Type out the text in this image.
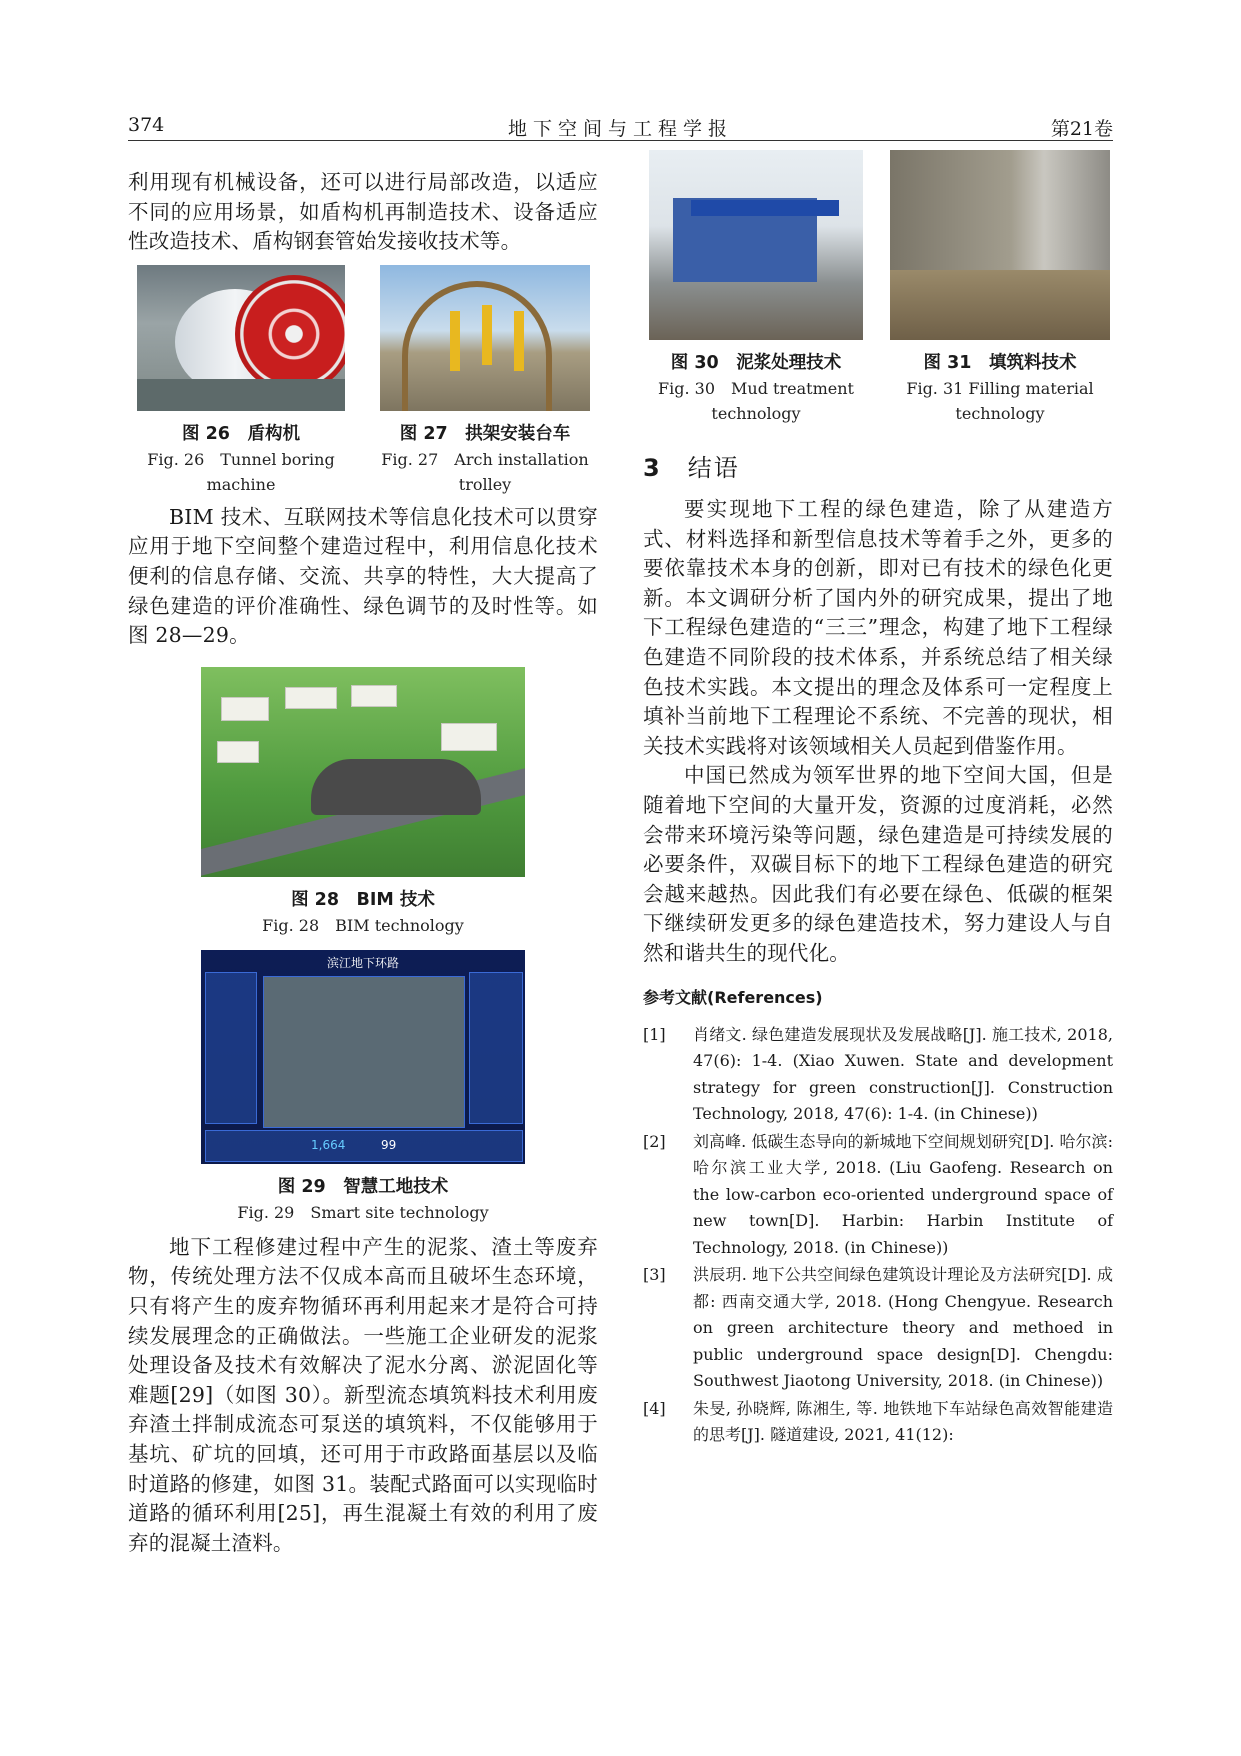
374	地下空间与工程学报	第21卷

利用现有机械设备，还可以进行局部改造，以适应不同的应用场景，如盾构机再制造技术、设备适应性改造技术、盾构钢套管始发接收技术等。

图 26　盾构机
Fig. 26　Tunnel boring machine
图 27　拱架安装台车
Fig. 27　Arch installation trolley

BIM 技术、互联网技术等信息化技术可以贯穿应用于地下空间整个建造过程中，利用信息化技术便利的信息存储、交流、共享的特性，大大提高了绿色建造的评价准确性、绿色调节的及时性等。如图 28—29。

图 28　BIM 技术
Fig. 28　BIM technology
滨江地下环路
1,664	99
图 29　智慧工地技术
Fig. 29　Smart site technology

地下工程修建过程中产生的泥浆、渣土等废弃物，传统处理方法不仅成本高而且破坏生态环境，只有将产生的废弃物循环再利用起来才是符合可持续发展理念的正确做法。一些施工企业研发的泥浆处理设备及技术有效解决了泥水分离、淤泥固化等难题[29]（如图 30）。新型流态填筑料技术利用废弃渣土拌制成流态可泵送的填筑料，不仅能够用于基坑、矿坑的回填，还可用于市政路面基层以及临时道路的修建，如图 31。装配式路面可以实现临时道路的循环利用[25]，再生混凝土有效的利用了废弃的混凝土渣料。

图 30　泥浆处理技术
Fig. 30　Mud treatment technology
图 31　填筑料技术
Fig. 31 Filling material technology
3 结语

要实现地下工程的绿色建造，除了从建造方式、材料选择和新型信息技术等着手之外，更多的要依靠技术本身的创新，即对已有技术的绿色化更新。本文调研分析了国内外的研究成果，提出了地下工程绿色建造的“三三”理念，构建了地下工程绿色建造不同阶段的技术体系，并系统总结了相关绿色技术实践。本文提出的理念及体系可一定程度上填补当前地下工程理论不系统、不完善的现状，相关技术实践将对该领域相关人员起到借鉴作用。

中国已然成为领军世界的地下空间大国，但是随着地下空间的大量开发，资源的过度消耗，必然会带来环境污染等问题，绿色建造是可持续发展的必要条件，双碳目标下的地下工程绿色建造的研究会越来越热。因此我们有必要在绿色、低碳的框架下继续研发更多的绿色建造技术，努力建设人与自然和谐共生的现代化。

参考文献(References)
[1]	肖绪文. 绿色建造发展现状及发展战略[J]. 施工技术, 2018, 47(6): 1-4. (Xiao Xuwen. State and development strategy for green construction[J]. Construction Technology, 2018, 47(6): 1-4. (in Chinese))
[2]	刘高峰. 低碳生态导向的新城地下空间规划研究[D]. 哈尔滨: 哈尔滨工业大学, 2018. (Liu Gaofeng. Research on the low-carbon eco-oriented underground space of new town[D]. Harbin: Harbin Institute of Technology, 2018. (in Chinese))
[3]	洪辰玥. 地下公共空间绿色建筑设计理论及方法研究[D]. 成都: 西南交通大学, 2018. (Hong Chengyue. Research on green architecture theory and methoed in public underground space design[D]. Chengdu: Southwest Jiaotong University, 2018. (in Chinese))
[4]	朱旻, 孙晓辉, 陈湘生, 等. 地铁地下车站绿色高效智能建造的思考[J]. 隧道建设, 2021, 41(12):
